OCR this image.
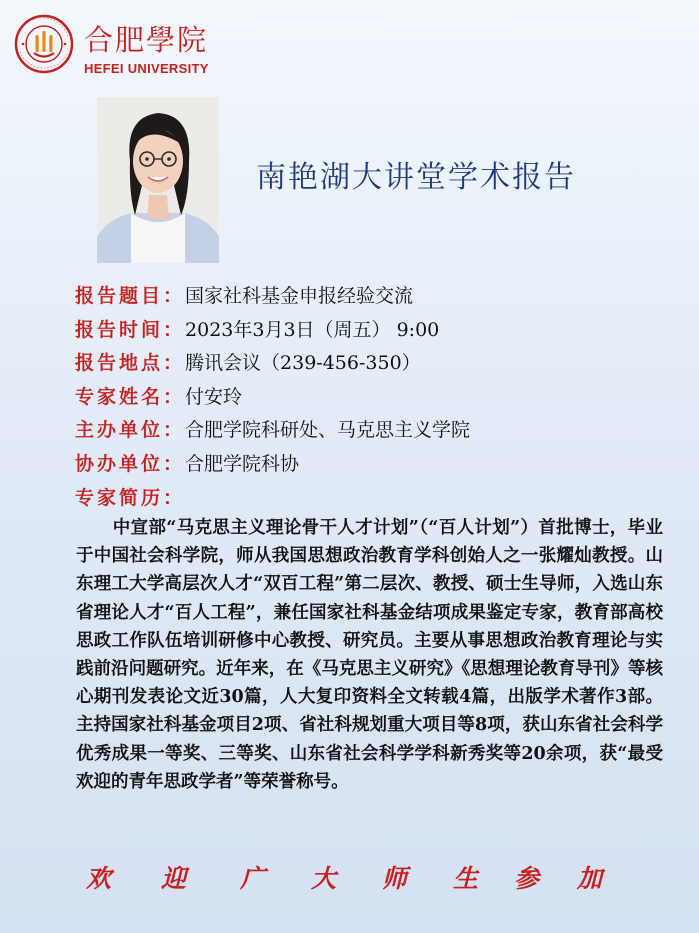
合肥學院
HEFEI UNIVERSITY
南艳湖大讲堂学术报告
报告题目：国家社科基金申报经验交流
报告时间：2023年3月3日（周五） 9:00
报告地点：腾讯会议（239-456-350）
专家姓名：付安玲
主办单位：合肥学院科研处、马克思主义学院
协办单位：合肥学院科协
专家简历：

中宣部“马克思主义理论骨干人才计划”（“百人计划”）首批博士，毕业于中国社会科学院，师从我国思想政治教育学科创始人之一张耀灿教授。山东理工大学高层次人才“双百工程”第二层次、教授、硕士生导师，入选山东省理论人才“百人工程”，兼任国家社科基金结项成果鉴定专家，教育部高校思政工作队伍培训研修中心教授、研究员。主要从事思想政治教育理论与实践前沿问题研究。近年来，在《马克思主义研究》《思想理论教育导刊》等核心期刊发表论文近30篇，人大复印资料全文转载4篇，出版学术著作3部。主持国家社科基金项目2项、省社科规划重大项目等8项，获山东省社会科学优秀成果一等奖、三等奖、山东省社会科学学科新秀奖等20余项，获“最受欢迎的青年思政学者”等荣誉称号。

欢 迎 广 大 师 生 参 加
